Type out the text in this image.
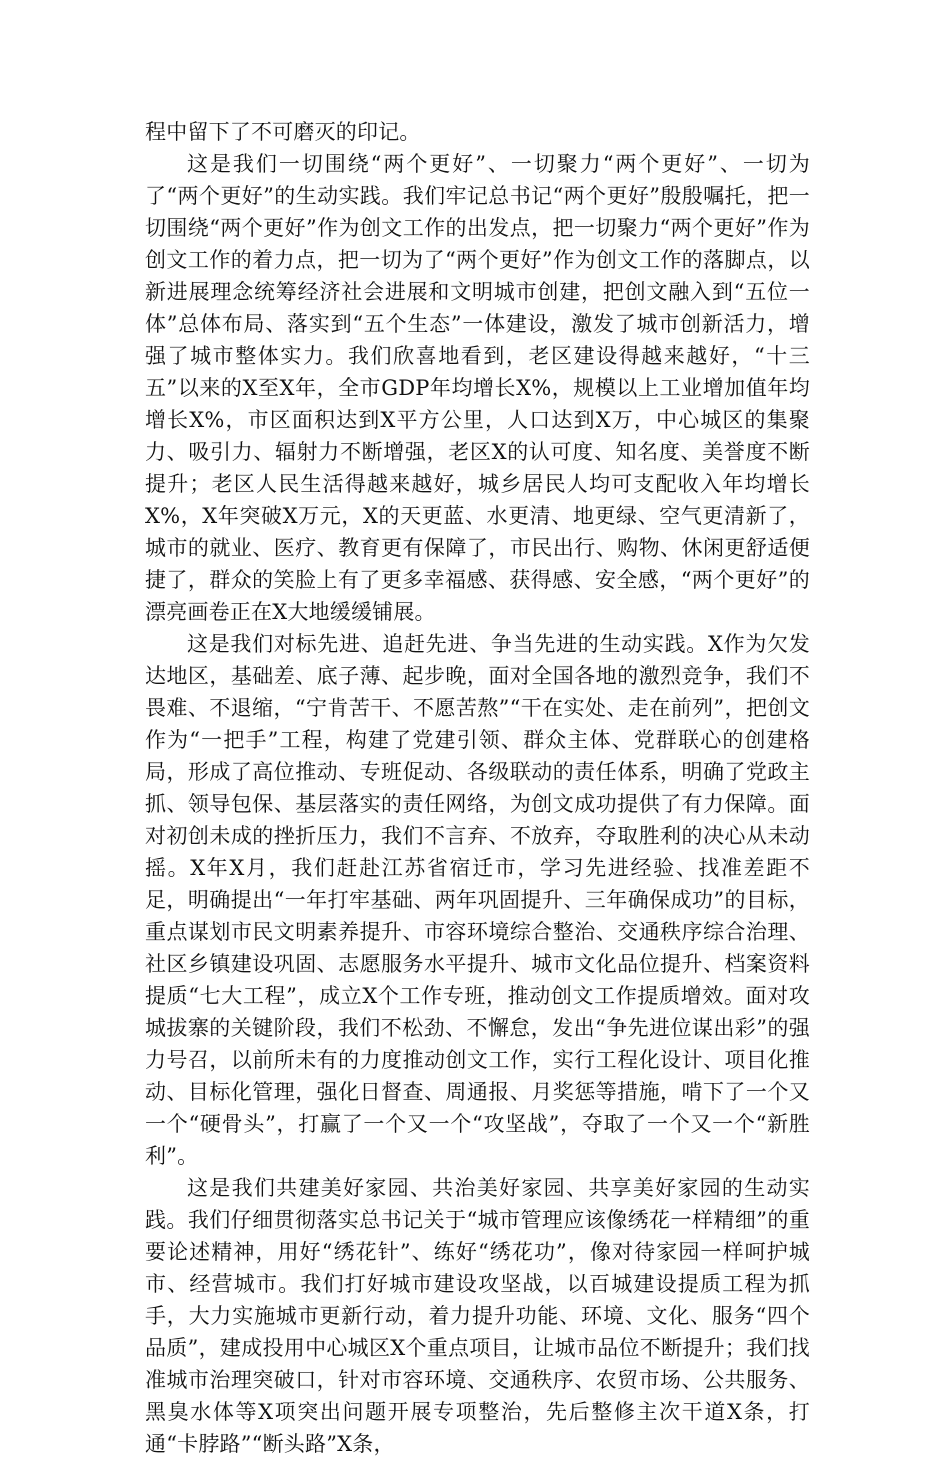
程中留下了不可磨灭的印记。

这是我们一切围绕“两个更好”、一切聚力“两个更好”、一切为了“两个更好”的生动实践。我们牢记总书记“两个更好”殷殷嘱托，把一切围绕“两个更好”作为创文工作的出发点，把一切聚力“两个更好”作为创文工作的着力点，把一切为了“两个更好”作为创文工作的落脚点，以新进展理念统筹经济社会进展和文明城市创建，把创文融入到“五位一体”总体布局、落实到“五个生态”一体建设，激发了城市创新活力，增强了城市整体实力。我们欣喜地看到，老区建设得越来越好，“十三五”以来的X至X年，全市GDP年均增长X%，规模以上工业增加值年均增长X%，市区面积达到X平方公里，人口达到X万，中心城区的集聚力、吸引力、辐射力不断增强，老区X的认可度、知名度、美誉度不断提升；老区人民生活得越来越好，城乡居民人均可支配收入年均增长X%，X年突破X万元，X的天更蓝、水更清、地更绿、空气更清新了，城市的就业、医疗、教育更有保障了，市民出行、购物、休闲更舒适便捷了，群众的笑脸上有了更多幸福感、获得感、安全感，“两个更好”的漂亮画卷正在X大地缓缓铺展。

这是我们对标先进、追赶先进、争当先进的生动实践。X作为欠发达地区，基础差、底子薄、起步晚，面对全国各地的激烈竞争，我们不畏难、不退缩，“宁肯苦干、不愿苦熬”“干在实处、走在前列”，把创文作为“一把手”工程，构建了党建引领、群众主体、党群联心的创建格局，形成了高位推动、专班促动、各级联动的责任体系，明确了党政主抓、领导包保、基层落实的责任网络，为创文成功提供了有力保障。面对初创未成的挫折压力，我们不言弃、不放弃，夺取胜利的决心从未动摇。X年X月，我们赶赴江苏省宿迁市，学习先进经验、找准差距不足，明确提出“一年打牢基础、两年巩固提升、三年确保成功”的目标，重点谋划市民文明素养提升、市容环境综合整治、交通秩序综合治理、社区乡镇建设巩固、志愿服务水平提升、城市文化品位提升、档案资料提质“七大工程”，成立X个工作专班，推动创文工作提质增效。面对攻城拔寨的关键阶段，我们不松劲、不懈怠，发出“争先进位谋出彩”的强力号召，以前所未有的力度推动创文工作，实行工程化设计、项目化推动、目标化管理，强化日督查、周通报、月奖惩等措施，啃下了一个又一个“硬骨头”，打赢了一个又一个“攻坚战”，夺取了一个又一个“新胜利”。

这是我们共建美好家园、共治美好家园、共享美好家园的生动实践。我们仔细贯彻落实总书记关于“城市管理应该像绣花一样精细”的重要论述精神，用好“绣花针”、练好“绣花功”，像对待家园一样呵护城市、经营城市。我们打好城市建设攻坚战，以百城建设提质工程为抓手，大力实施城市更新行动，着力提升功能、环境、文化、服务“四个品质”，建成投用中心城区X个重点项目，让城市品位不断提升；我们找准城市治理突破口，针对市容环境、交通秩序、农贸市场、公共服务、黑臭水体等X项突出问题开展专项整治，先后整修主次干道X条，打通“卡脖路”“断头路”X条，
